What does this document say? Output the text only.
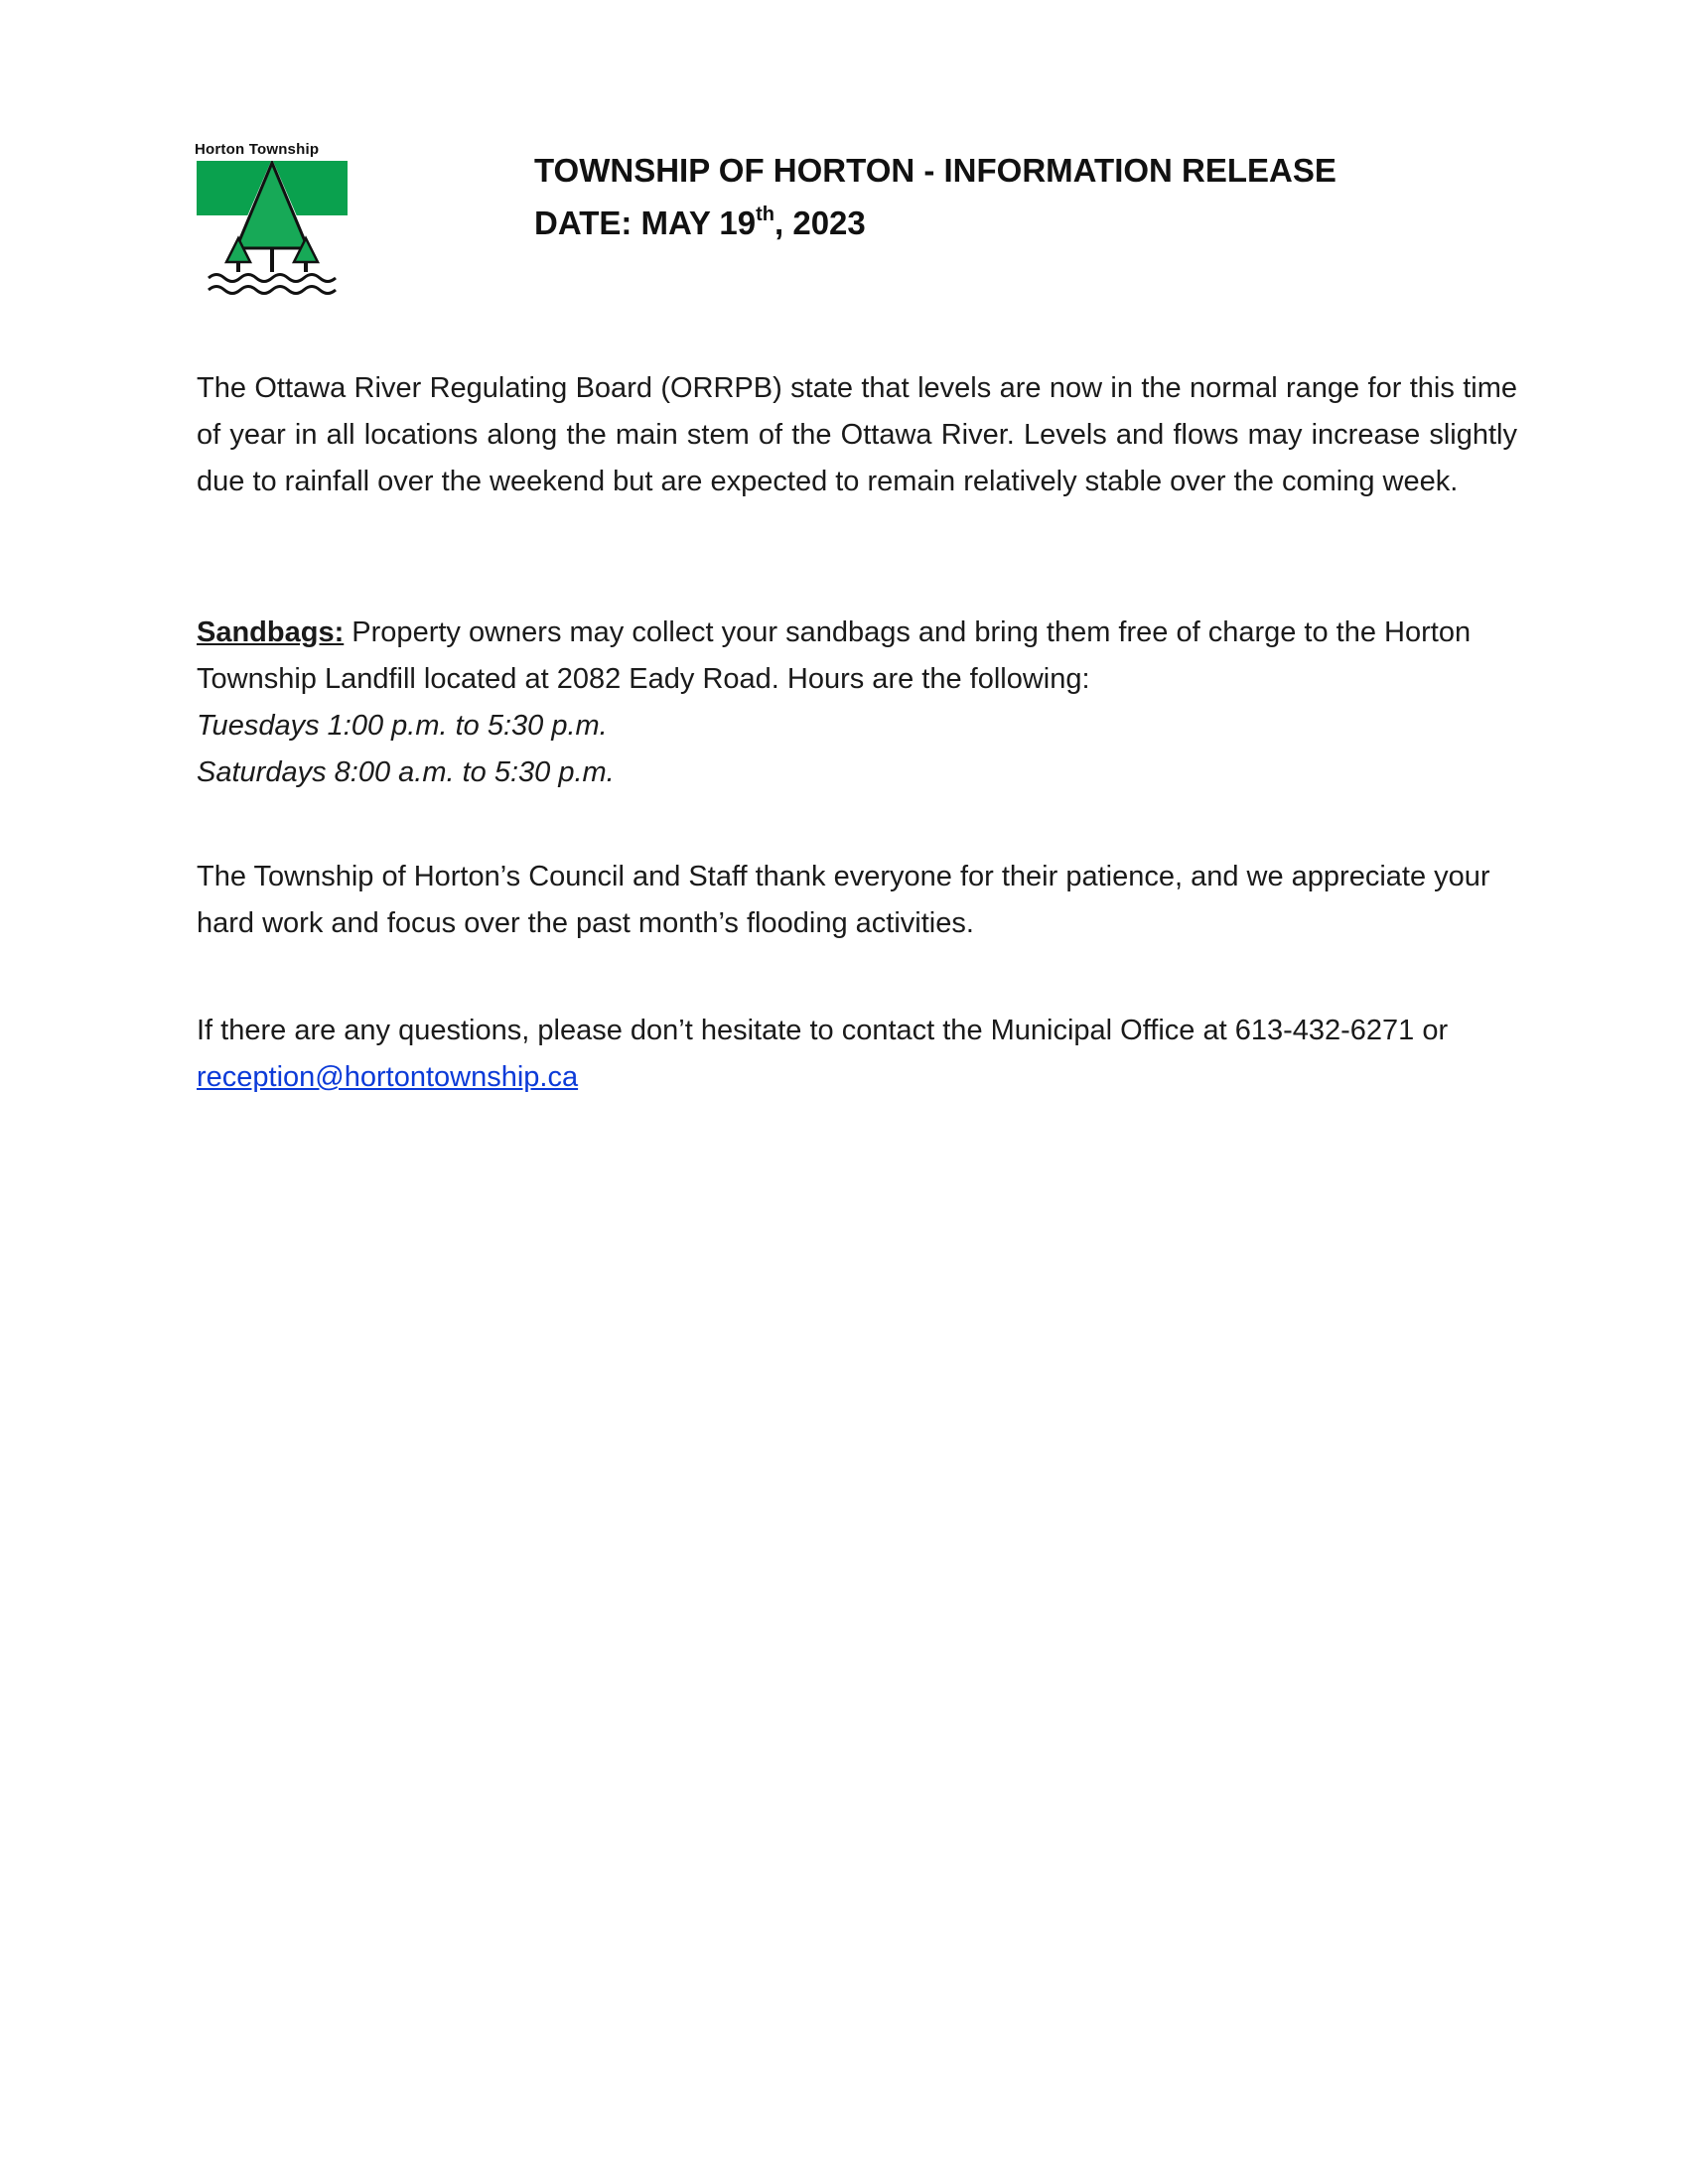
Horton Township
TOWNSHIP OF HORTON - INFORMATION RELEASE
DATE: MAY 19th, 2023
The Ottawa River Regulating Board (ORRPB) state that levels are now in the normal range for this time of year in all locations along the main stem of the Ottawa River. Levels and flows may increase slightly due to rainfall over the weekend but are expected to remain relatively stable over the coming week.
Sandbags: Property owners may collect your sandbags and bring them free of charge to the Horton Township Landfill located at 2082 Eady Road. Hours are the following:
Tuesdays 1:00 p.m. to 5:30 p.m.
Saturdays 8:00 a.m. to 5:30 p.m.
The Township of Horton’s Council and Staff thank everyone for their patience, and we appreciate your hard work and focus over the past month’s flooding activities.
If there are any questions, please don’t hesitate to contact the Municipal Office at 613-432-6271 or
reception@hortontownship.ca
